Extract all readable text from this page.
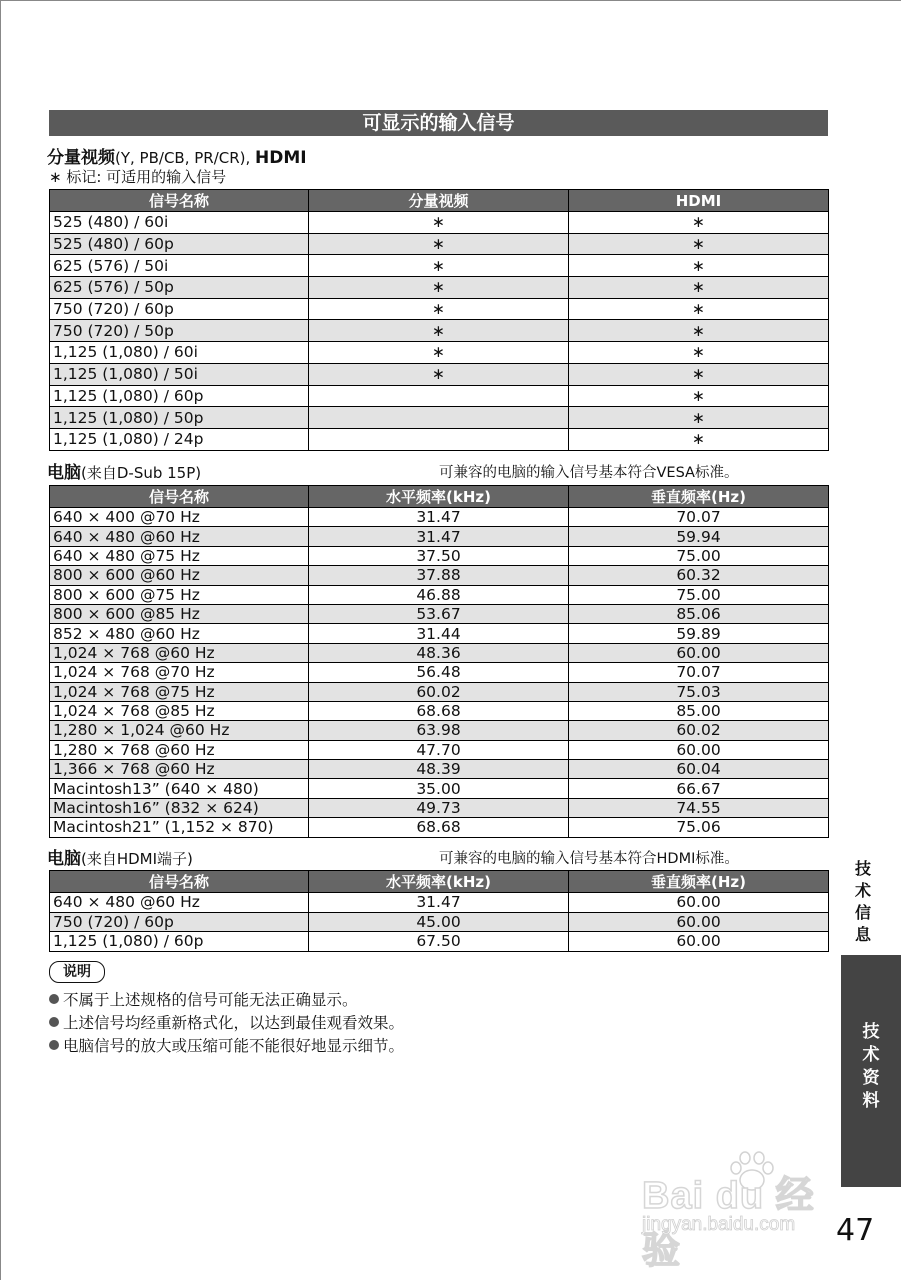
可显示的输入信号
分量视频(Y, PB/CB, PR/CR), HDMI
∗ 标记: 可适用的输入信号
信号名称	分量视频	HDMI
525 (480) / 60i	∗	∗
525 (480) / 60p	∗	∗
625 (576) / 50i	∗	∗
625 (576) / 50p	∗	∗
750 (720) / 60p	∗	∗
750 (720) / 50p	∗	∗
1,125 (1,080) / 60i	∗	∗
1,125 (1,080) / 50i	∗	∗
1,125 (1,080) / 60p		∗
1,125 (1,080) / 50p		∗
1,125 (1,080) / 24p		∗
电脑(来自D-Sub 15P)	可兼容的电脑的输入信号基本符合VESA标准。
信号名称	水平频率(kHz)	垂直频率(Hz)
640 × 400 @70 Hz	31.47	70.07
640 × 480 @60 Hz	31.47	59.94
640 × 480 @75 Hz	37.50	75.00
800 × 600 @60 Hz	37.88	60.32
800 × 600 @75 Hz	46.88	75.00
800 × 600 @85 Hz	53.67	85.06
852 × 480 @60 Hz	31.44	59.89
1,024 × 768 @60 Hz	48.36	60.00
1,024 × 768 @70 Hz	56.48	70.07
1,024 × 768 @75 Hz	60.02	75.03
1,024 × 768 @85 Hz	68.68	85.00
1,280 × 1,024 @60 Hz	63.98	60.02
1,280 × 768 @60 Hz	47.70	60.00
1,366 × 768 @60 Hz	48.39	60.04
Macintosh13” (640 × 480)	35.00	66.67
Macintosh16” (832 × 624)	49.73	74.55
Macintosh21” (1,152 × 870)	68.68	75.06
电脑(来自HDMI端子)	可兼容的电脑的输入信号基本符合HDMI标准。
信号名称	水平频率(kHz)	垂直频率(Hz)
640 × 480 @60 Hz	31.47	60.00
750 (720) / 60p	45.00	60.00
1,125 (1,080) / 60p	67.50	60.00
说明
不属于上述规格的信号可能无法正确显示。
上述信号均经重新格式化，以达到最佳观看效果。
电脑信号的放大或压缩可能不能很好地显示细节。
技
术
信
息
技
术
资
料
Bai du 经验
jingyan.baidu.com 47
